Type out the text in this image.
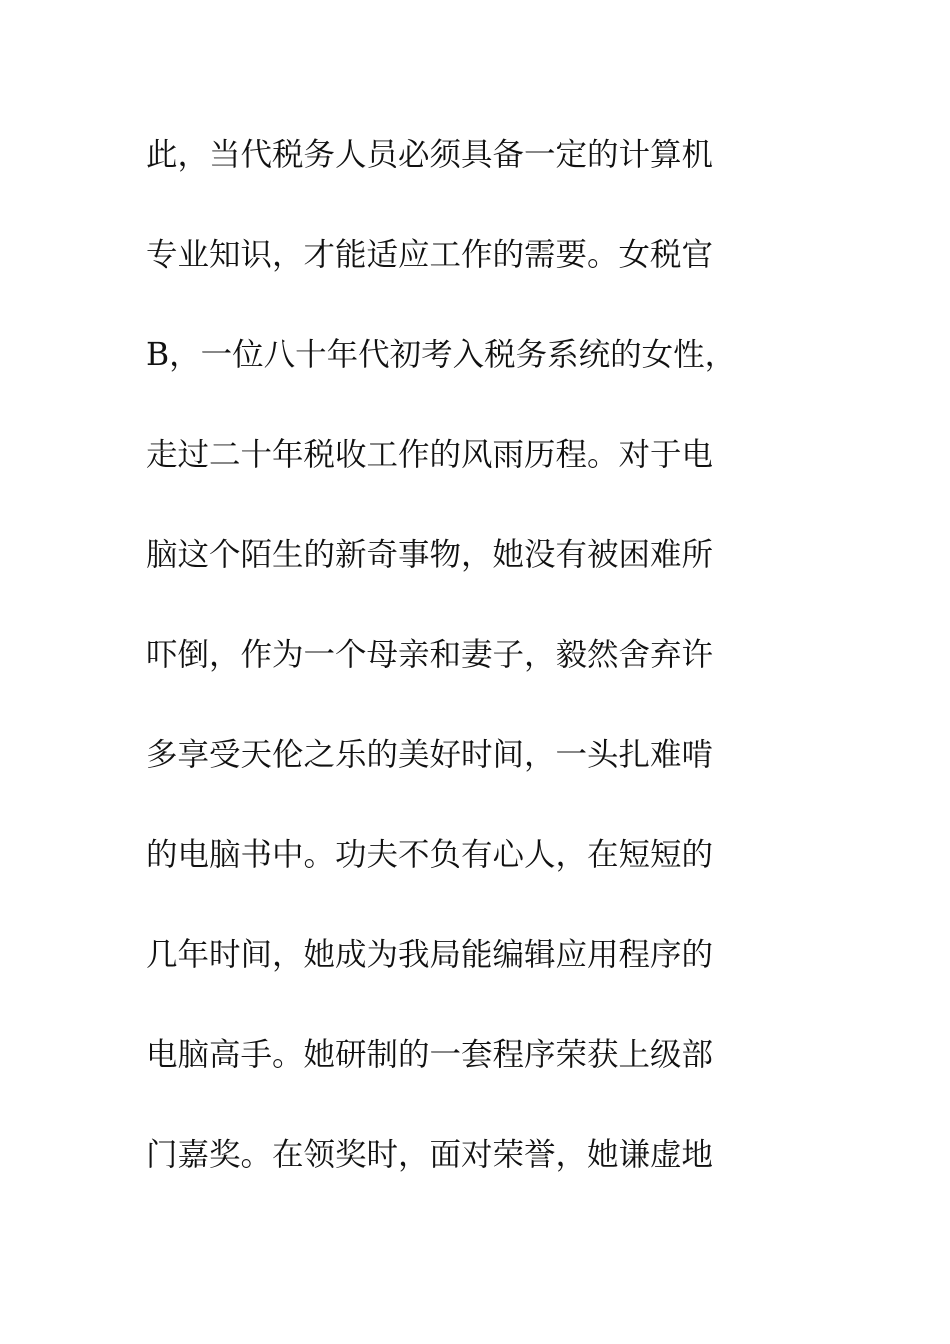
此，当代税务人员必须具备一定的计算机
专业知识，才能适应工作的需要。女税官
B，一位八十年代初考入税务系统的女性，
走过二十年税收工作的风雨历程。对于电
脑这个陌生的新奇事物，她没有被困难所
吓倒，作为一个母亲和妻子，毅然舍弃许
多享受天伦之乐的美好时间，一头扎难啃
的电脑书中。功夫不负有心人，在短短的
几年时间，她成为我局能编辑应用程序的
电脑高手。她研制的一套程序荣获上级部
门嘉奖。在领奖时，面对荣誉，她谦虚地
